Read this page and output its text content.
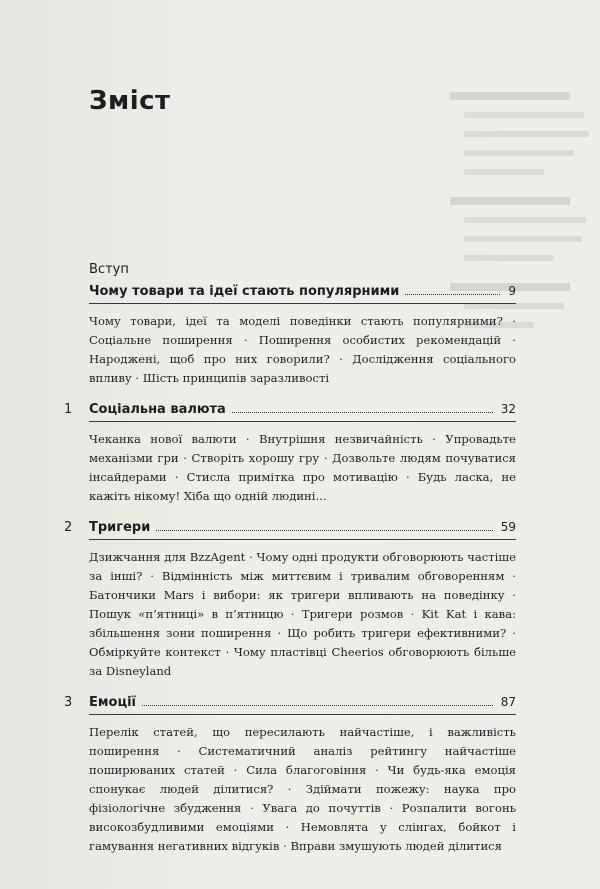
Зміст
Вступ
Чому товари та ідеї стають популярними	9
Чому товари, ідеї та моделі поведінки стають популярними? · Соціальне поширення · Поширення особистих рекомендацій · Народжені, щоб про них говорили? · Дослідження соціального впливу · Шість принципів заразливості
1 Соціальна валюта	32
Чеканка нової валюти · Внутрішня незвичайність · Упровадьте механізми гри · Створіть хорошу гру · Дозвольте людям почуватися інсайдерами · Стисла примітка про мотивацію · Будь ласка, не кажіть нікому! Хіба що одній людині...
2 Тригери	59
Дзижчання для BzzAgent · Чому одні продукти обговорюють частіше за інші? · Відмінність між миттєвим і тривалим обговоренням · Батончики Mars і вибори: як тригери впливають на поведінку · Пошук «п’ятниці» в п’ятницю · Тригери розмов · Kit Kat і кава: збільшення зони поширення · Що робить тригери ефективними? · Обміркуйте контекст · Чому пластівці Cheerios обговорюють більше за Disneyland
3 Емоції	87
Перелік статей, що пересилають найчастіше, і важливість поширення · Систематичний аналіз рейтингу найчастіше поширюваних статей · Сила благоговіння · Чи будь-яка емоція спонукає людей ділитися? · Здіймати пожежу: наука про фізіологічне збудження · Увага до почуттів · Розпалити вогонь високозбудливими емоціями · Немовлята у слінгах, бойкот і гамування негативних відгуків · Вправи змушують людей ділитися
